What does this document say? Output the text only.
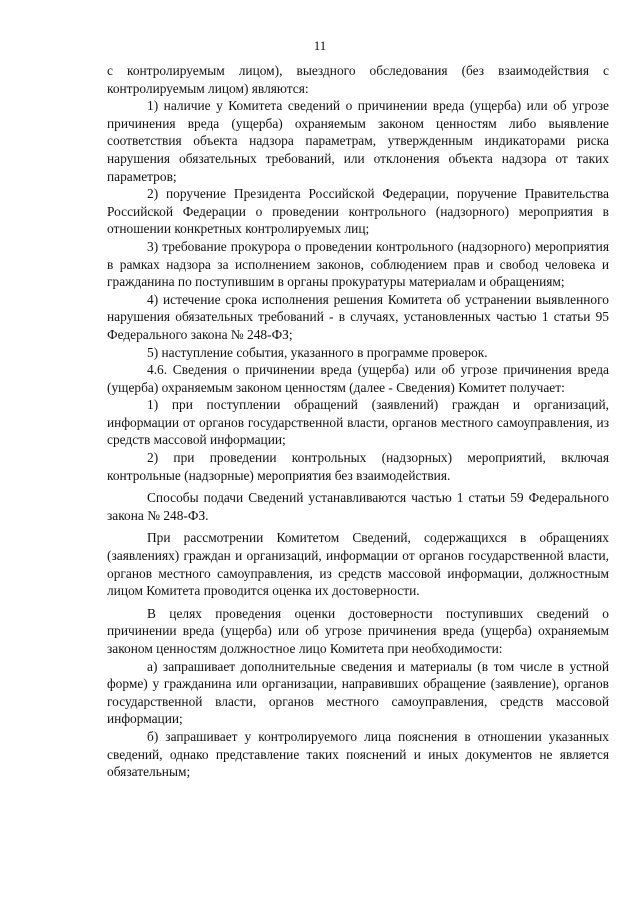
11

с контролируемым лицом), выездного обследования (без взаимодействия с контролируемым лицом) являются:

1) наличие у Комитета сведений о причинении вреда (ущерба) или об угрозе причинения вреда (ущерба) охраняемым законом ценностям либо выявление соответствия объекта надзора параметрам, утвержденным индикаторами риска нарушения обязательных требований, или отклонения объекта надзора от таких параметров;

2) поручение Президента Российской Федерации, поручение Правительства Российской Федерации о проведении контрольного (надзорного) мероприятия в отношении конкретных контролируемых лиц;

3) требование прокурора о проведении контрольного (надзорного) мероприятия в рамках надзора за исполнением законов, соблюдением прав и свобод человека и гражданина по поступившим в органы прокуратуры материалам и обращениям;

4) истечение срока исполнения решения Комитета об устранении выявленного нарушения обязательных требований - в случаях, установленных частью 1 статьи 95 Федерального закона № 248-ФЗ;

5) наступление события, указанного в программе проверок.

4.6. Сведения о причинении вреда (ущерба) или об угрозе причинения вреда (ущерба) охраняемым законом ценностям (далее - Сведения) Комитет получает:

1) при поступлении обращений (заявлений) граждан и организаций, информации от органов государственной власти, органов местного самоуправления, из средств массовой информации;

2) при проведении контрольных (надзорных) мероприятий, включая контрольные (надзорные) мероприятия без взаимодействия.

Способы подачи Сведений устанавливаются частью 1 статьи 59 Федерального закона № 248-ФЗ.

При рассмотрении Комитетом Сведений, содержащихся в обращениях (заявлениях) граждан и организаций, информации от органов государственной власти, органов местного самоуправления, из средств массовой информации, должностным лицом Комитета проводится оценка их достоверности.

В целях проведения оценки достоверности поступивших сведений о причинении вреда (ущерба) или об угрозе причинения вреда (ущерба) охраняемым законом ценностям должностное лицо Комитета при необходимости:

а) запрашивает дополнительные сведения и материалы (в том числе в устной форме) у гражданина или организации, направивших обращение (заявление), органов государственной власти, органов местного самоуправления, средств массовой информации;

б) запрашивает у контролируемого лица пояснения в отношении указанных сведений, однако представление таких пояснений и иных документов не является обязательным;
